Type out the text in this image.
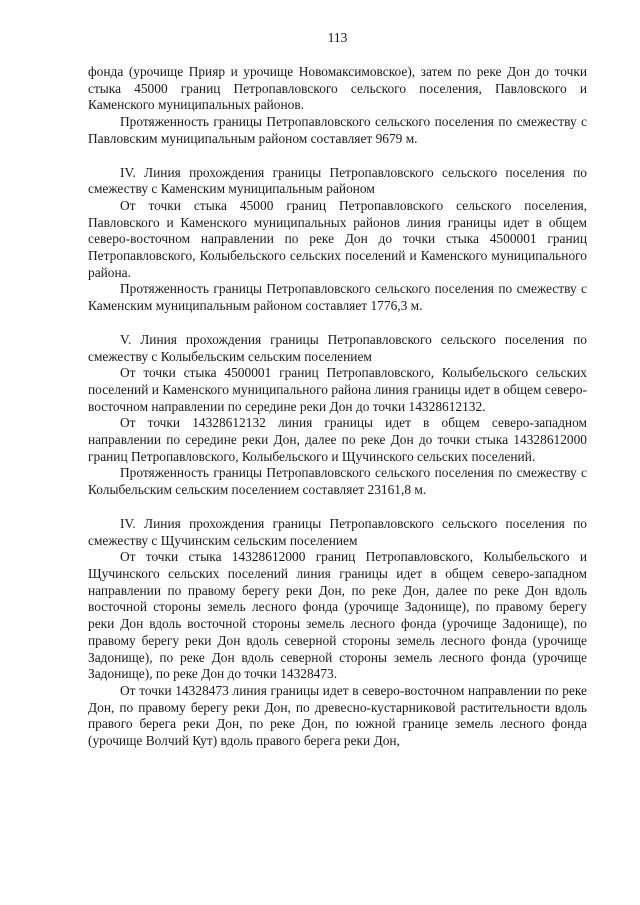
113

фонда (урочище Прияр и урочище Новомаксимовское), затем по реке Дон до точки стыка 45000 границ Петропавловского сельского поселения, Павловского и Каменского муниципальных районов.

Протяженность границы Петропавловского сельского поселения по смежеству с Павловским муниципальным районом составляет 9679 м.

IV. Линия прохождения границы Петропавловского сельского поселения по смежеству с Каменским муниципальным районом

От точки стыка 45000 границ Петропавловского сельского поселения, Павловского и Каменского муниципальных районов линия границы идет в общем северо-восточном направлении по реке Дон до точки стыка 4500001 границ Петропавловского, Колыбельского сельских поселений и Каменского муниципального района.

Протяженность границы Петропавловского сельского поселения по смежеству с Каменским муниципальным районом составляет 1776,3 м.

V. Линия прохождения границы Петропавловского сельского поселения по смежеству с Колыбельским сельским поселением

От точки стыка 4500001 границ Петропавловского, Колыбельского сельских поселений и Каменского муниципального района линия границы идет в общем северо-восточном направлении по середине реки Дон до точки 14328612132.

От точки 14328612132 линия границы идет в общем северо-западном направлении по середине реки Дон, далее по реке Дон до точки стыка 14328612000 границ Петропавловского, Колыбельского и Щучинского сельских поселений.

Протяженность границы Петропавловского сельского поселения по смежеству с Колыбельским сельским поселением составляет 23161,8 м.

IV. Линия прохождения границы Петропавловского сельского поселения по смежеству с Щучинским сельским поселением

От точки стыка 14328612000 границ Петропавловского, Колыбельского и Щучинского сельских поселений линия границы идет в общем северо-западном направлении по правому берегу реки Дон, по реке Дон, далее по реке Дон вдоль восточной стороны земель лесного фонда (урочище Задонище), по правому берегу реки Дон вдоль восточной стороны земель лесного фонда (урочище Задонище), по правому берегу реки Дон вдоль северной стороны земель лесного фонда (урочище Задонище), по реке Дон вдоль северной стороны земель лесного фонда (урочище Задонище), по реке Дон до точки 14328473.

От точки 14328473 линия границы идет в северо-восточном направлении по реке Дон, по правому берегу реки Дон, по древесно-кустарниковой растительности вдоль правого берега реки Дон, по реке Дон, по южной границе земель лесного фонда (урочище Волчий Кут) вдоль правого берега реки Дон,
